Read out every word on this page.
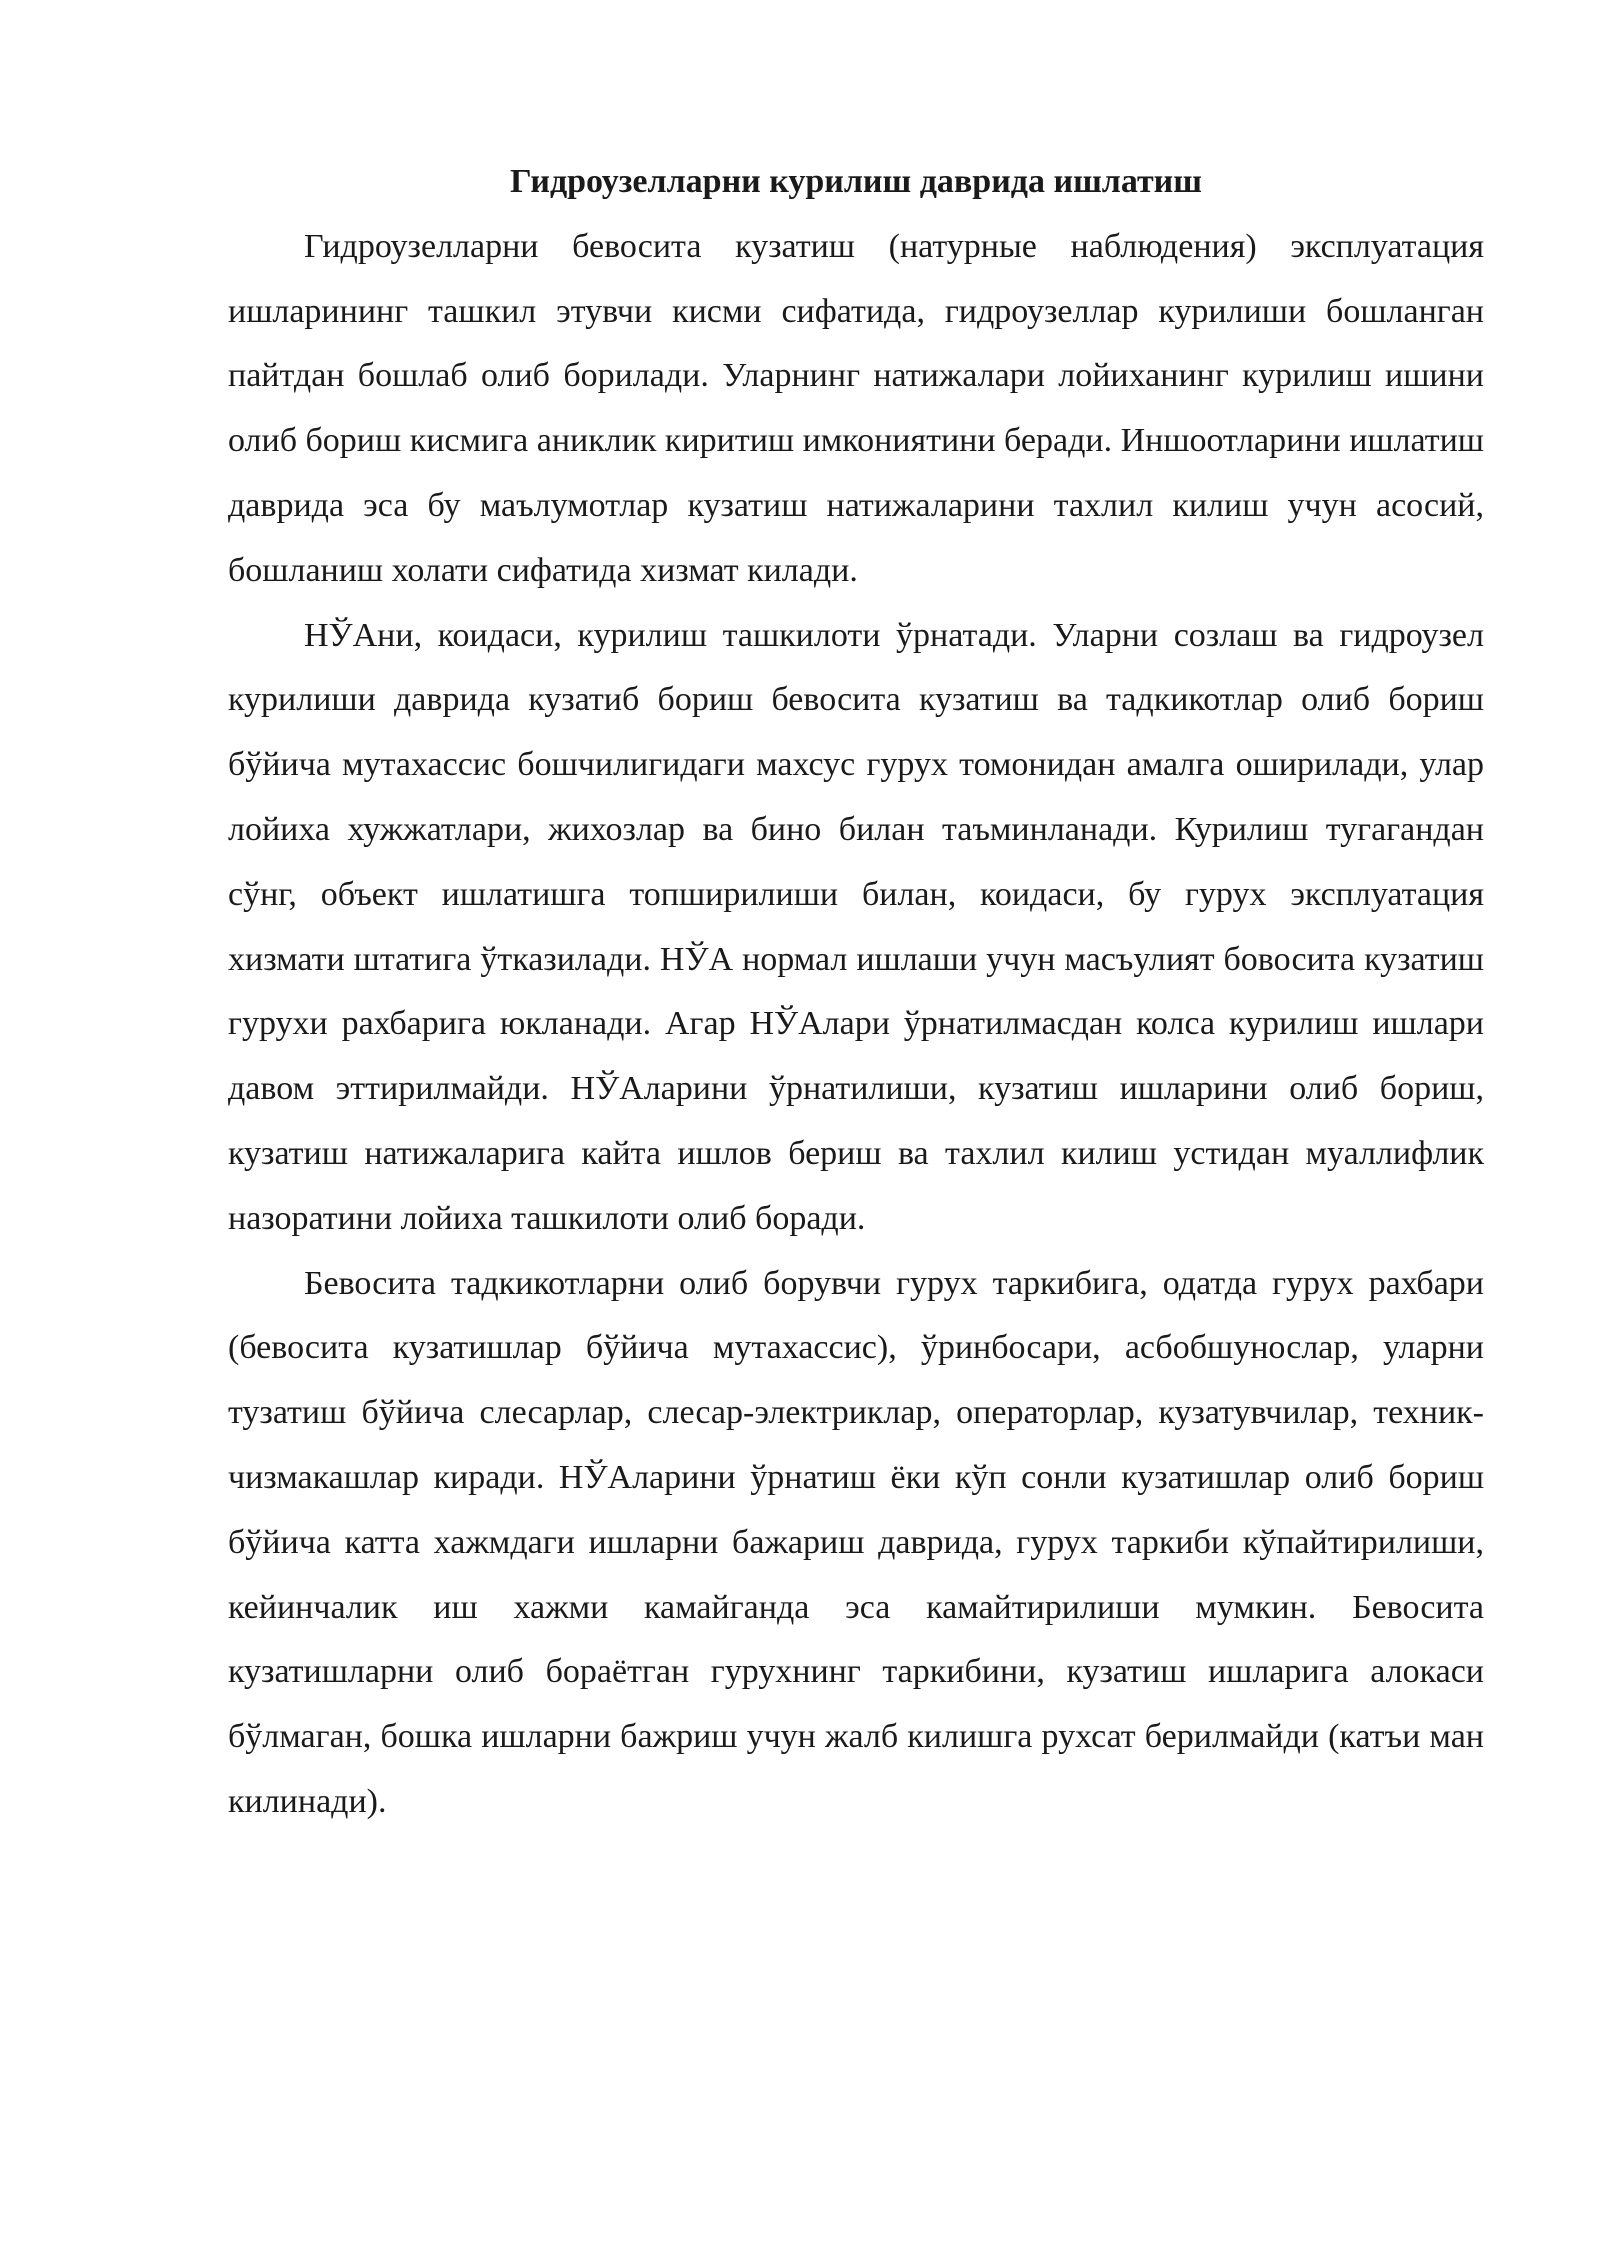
Гидроузелларни курилиш даврида ишлатиш

Гидроузелларни бевосита кузатиш (натурные наблюдения) эксплуатация ишларининг ташкил этувчи кисми сифатида, гидроузеллар курилиши бошланган пайтдан бошлаб олиб борилади. Уларнинг натижалари лойиханинг курилиш ишини олиб бориш кисмига аниклик киритиш имкониятини беради. Иншоотларини ишлатиш даврида эса бу маълумотлар кузатиш натижаларини тахлил килиш учун асосий, бошланиш холати сифатида хизмат килади.

НЎАни, коидаси, курилиш ташкилоти ўрнатади. Уларни созлаш ва гидроузел курилиши даврида кузатиб бориш бевосита кузатиш ва тадкикотлар олиб бориш бўйича мутахассис бошчилигидаги махсус гурух томонидан амалга оширилади, улар лойиха хужжатлари, жихозлар ва бино билан таъминланади. Курилиш тугагандан сўнг, объект ишлатишга топширилиши билан, коидаси, бу гурух эксплуатация хизмати штатига ўтказилади. НЎА нормал ишлаши учун масъулият бовосита кузатиш гурухи рахбарига юкланади. Агар НЎАлари ўрнатилмасдан колса курилиш ишлари давом эттирилмайди. НЎАларини ўрнатилиши, кузатиш ишларини олиб бориш, кузатиш натижаларига кайта ишлов бериш ва тахлил килиш устидан муаллифлик назоратини лойиха ташкилоти олиб боради.

Бевосита тадкикотларни олиб борувчи гурух таркибига, одатда гурух рахбари (бевосита кузатишлар бўйича мутахассис), ўринбосари, асбобшунослар, уларни тузатиш бўйича слесарлар, слесар-электриклар, операторлар, кузатувчилар, техник-чизмакашлар киради. НЎАларини ўрнатиш ёки кўп сонли кузатишлар олиб бориш бўйича катта хажмдаги ишларни бажариш даврида, гурух таркиби кўпайтирилиши, кейинчалик иш хажми камайганда эса камайтирилиши мумкин. Бевосита кузатишларни олиб бораётган гурухнинг таркибини, кузатиш ишларига алокаси бўлмаган, бошка ишларни бажриш учун жалб килишга рухсат берилмайди (катъи ман килинади).
